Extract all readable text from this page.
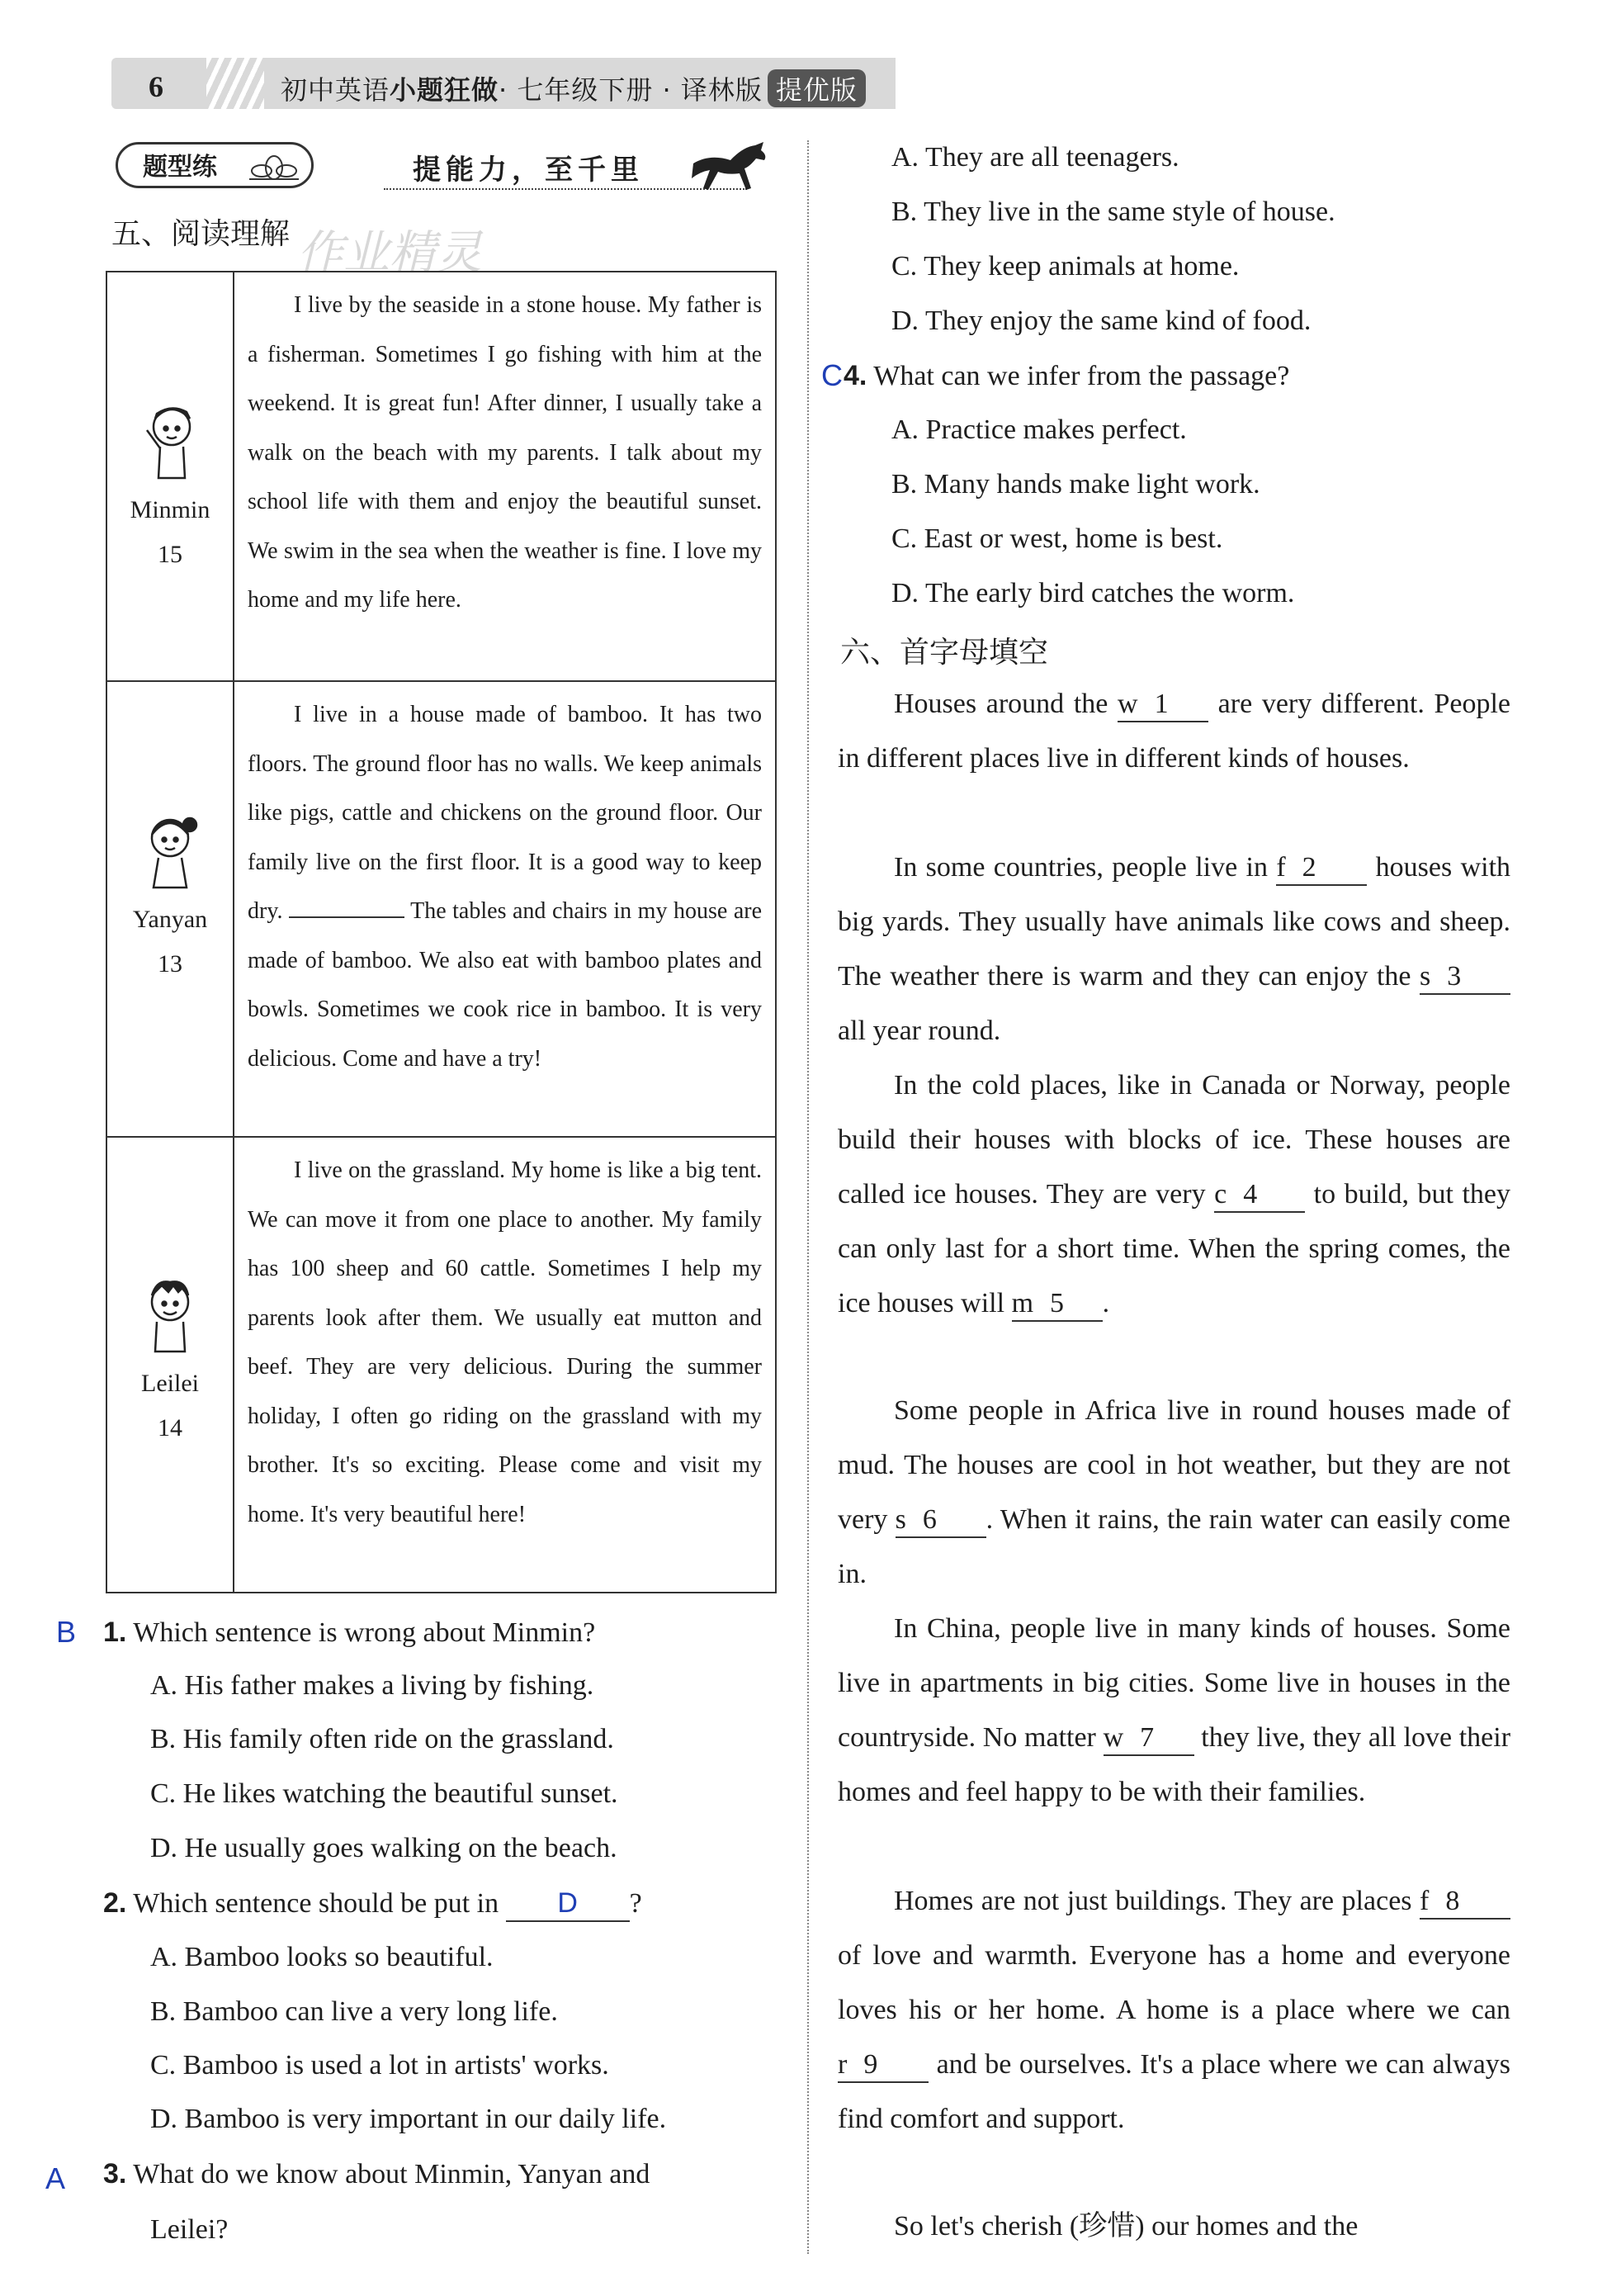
6	初中英语小题狂做· 七年级下册 · 译林版 提优版
题型练	提能力，至千里
五、阅读理解 作业精灵
Minmin
15	I live by the seaside in a stone house. My father is a fisherman. Sometimes I go fishing with him at the weekend. It is great fun! After dinner, I usually take a walk on the beach with my parents. I talk about my school life with them and enjoy the beautiful sunset. We swim in the sea when the weather is fine. I love my home and my life here.

Yanyan
13	I live in a house made of bamboo. It has two floors. The ground floor has no walls. We keep animals like pigs, cattle and chickens on the ground floor. Our family live on the first floor. It is a good way to keep dry. The tables and chairs in my house are made of bamboo. We also eat with bamboo plates and bowls. Sometimes we cook rice in bamboo. It is very delicious. Come and have a try!

Leilei
14	I live on the grassland. My home is like a big tent. We can move it from one place to another. My family has 100 sheep and 60 cattle. Sometimes I help my parents look after them. We usually eat mutton and beef. They are very delicious. During the summer holiday, I often go riding on the grassland with my brother. It's so exciting. Please come and visit my home. It's very beautiful here!
B 1. Which sentence is wrong about Minmin?
A. His father makes a living by fishing.
B. His family often ride on the grassland.
C. He likes watching the beautiful sunset.
D. He usually goes walking on the beach.
2. Which sentence should be put in D ?
A. Bamboo looks so beautiful.
B. Bamboo can live a very long life.
C. Bamboo is used a lot in artists' works.
D. Bamboo is very important in our daily life.
A 3. What do we know about Minmin, Yanyan and
Leilei?
A. They are all teenagers.
B. They live in the same style of house.
C. They keep animals at home.
D. They enjoy the same kind of food.
C 4. What can we infer from the passage?
A. Practice makes perfect.
B. Many hands make light work.
C. East or west, home is best.
D. The early bird catches the worm.
六、首字母填空

Houses around the w 1 are very different. People in different places live in different kinds of houses.

In some countries, people live in f 2 houses with big yards. They usually have animals like cows and sheep. The weather there is warm and they can enjoy the s 3 all year round.

In the cold places, like in Canada or Norway, people build their houses with blocks of ice. These houses are called ice houses. They are very c 4 to build, but they can only last for a short time. When the spring comes, the ice houses will m 5 .

Some people in Africa live in round houses made of mud. The houses are cool in hot weather, but they are not very s 6 . When it rains, the rain water can easily come in.

In China, people live in many kinds of houses. Some live in apartments in big cities. Some live in houses in the countryside. No matter w 7 they live, they all love their homes and feel happy to be with their families.

Homes are not just buildings. They are places f 8 of love and warmth. Everyone has a home and everyone loves his or her home. A home is a place where we can r 9 and be ourselves. It's a place where we can always find comfort and support.

So let's cherish (珍惜) our homes and the
